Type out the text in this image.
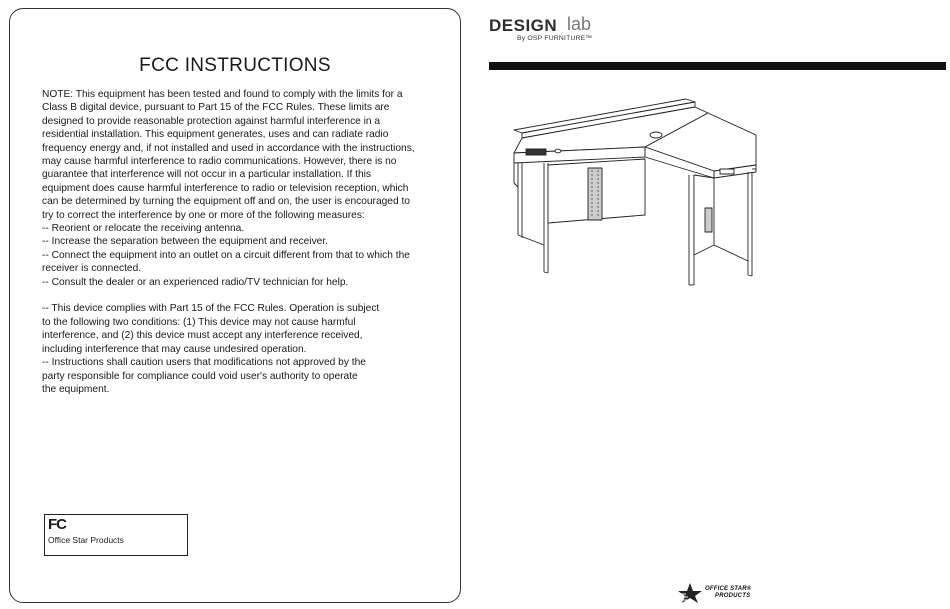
FCC INSTRUCTIONS
NOTE: This equipment has been tested and found to comply with the limits for a
Class B digital device, pursuant to Part 15 of the FCC Rules. These limits are
designed to provide reasonable protection against harmful interference in a
residential installation. This equipment generates, uses and can radiate radio
frequency energy and, if not installed and used in accordance with the instructions,
may cause harmful interference to radio communications. However, there is no
guarantee that interference will not occur in a particular installation. If this
equipment does cause harmful interference to radio or television reception, which
can be determined by turning the equipment off and on, the user is encouraged to
try to correct the interference by one or more of the following measures:
-- Reorient or relocate the receiving antenna.
-- Increase the separation between the equipment and receiver.
-- Connect the equipment into an outlet on a circuit different from that to which the
receiver is connected.
-- Consult the dealer or an experienced radio/TV technician for help.
-- This device complies with Part 15 of the FCC Rules. Operation is subject
to the following two conditions: (1) This device may not cause harmful
interference, and (2) this device must accept any interference received,
including interference that may cause undesired operation.
-- Instructions shall caution users that modifications not approved by the
party responsible for compliance could void user's authority to operate
the equipment.
FC
Office Star Products
DESIGN lab
By OSP FURNITURE™
OFFICE STAR®
PRODUCTS
